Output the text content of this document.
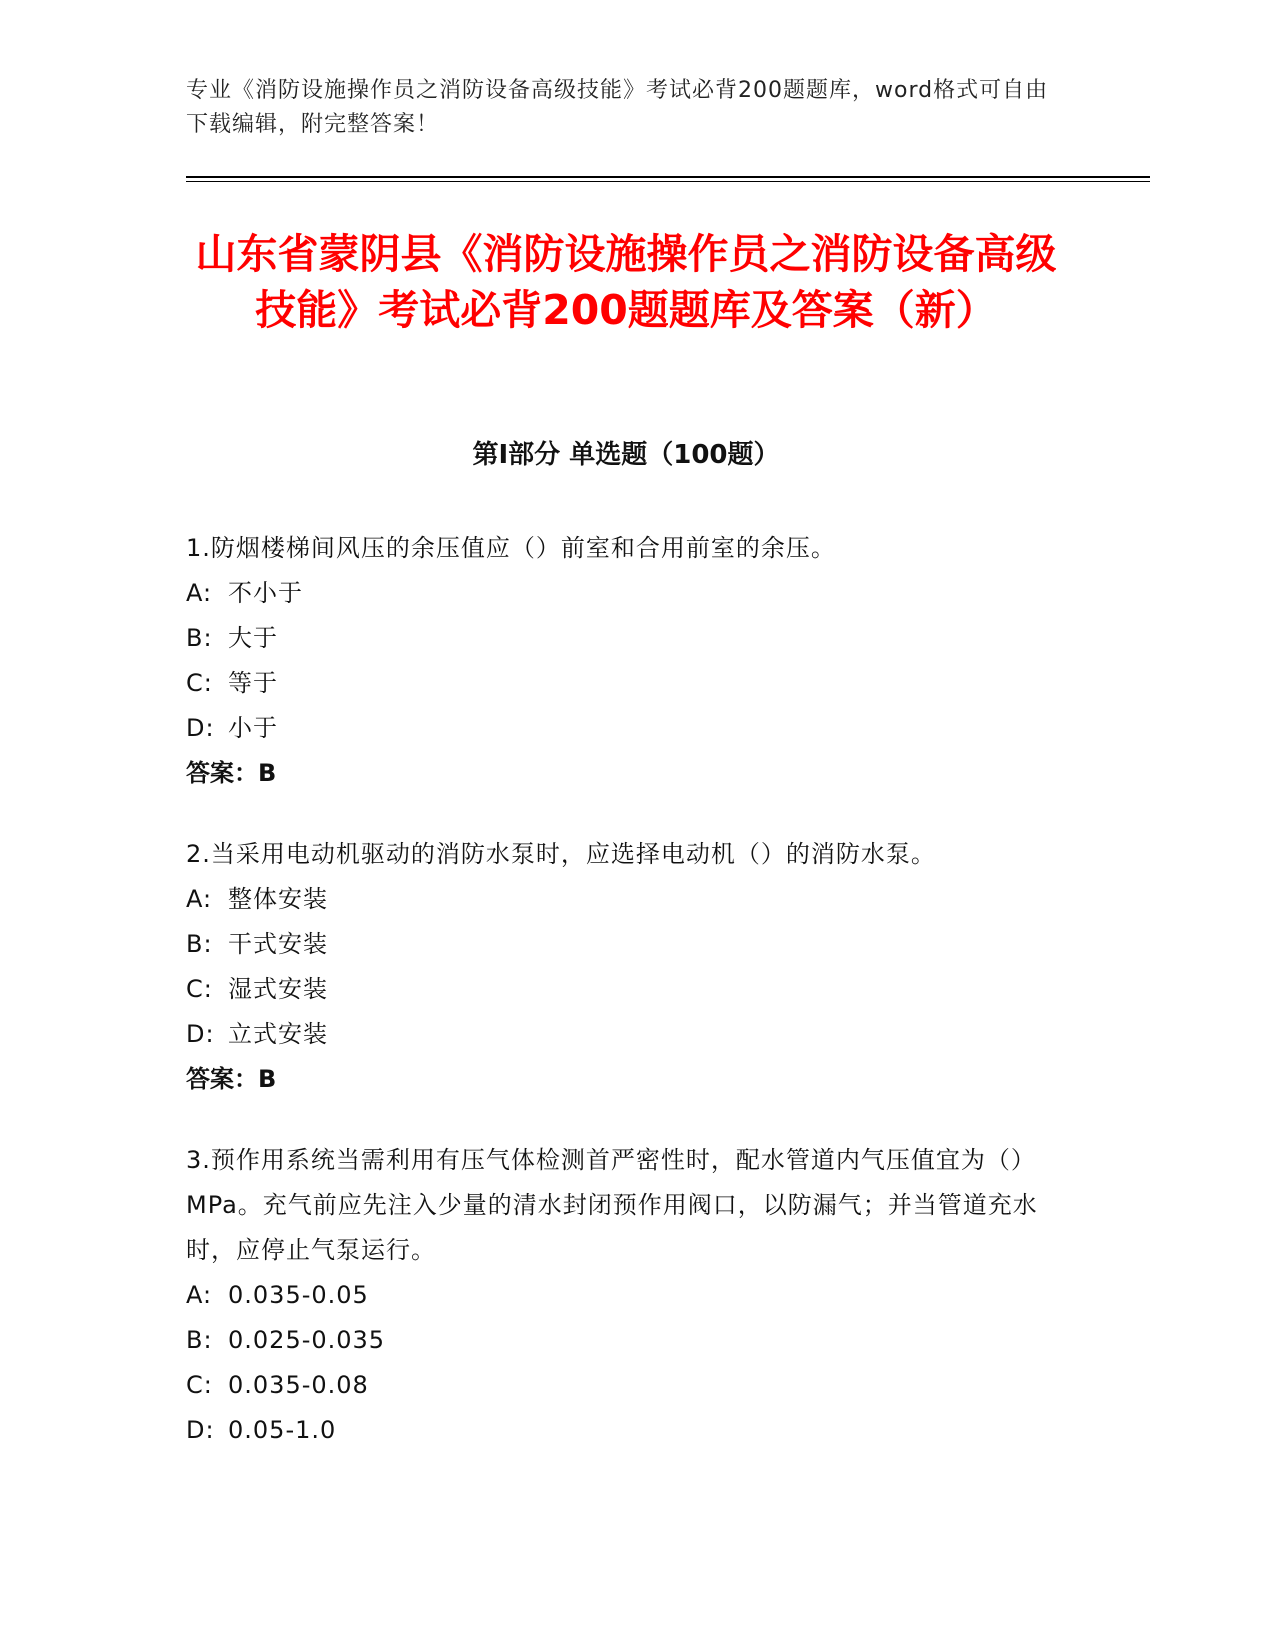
专业《消防设施操作员之消防设备高级技能》考试必背200题题库，word格式可自由下载编辑，附完整答案！
山东省蒙阴县《消防设施操作员之消防设备高级技能》考试必背200题题库及答案（新）
第Ⅰ部分 单选题（100题）

1.防烟楼梯间风压的余压值应（）前室和合用前室的余压。

A: 不小于

B: 大于

C: 等于

D: 小于

答案：B

2.当采用电动机驱动的消防水泵时，应选择电动机（）的消防水泵。

A: 整体安装

B: 干式安装

C: 湿式安装

D: 立式安装

答案：B

3.预作用系统当需利用有压气体检测首严密性时，配水管道内气压值宜为（）MPa。充气前应先注入少量的清水封闭预作用阀口，以防漏气；并当管道充水时，应停止气泵运行。

A: 0.035-0.05

B: 0.025-0.035

C: 0.035-0.08

D: 0.05-1.0
